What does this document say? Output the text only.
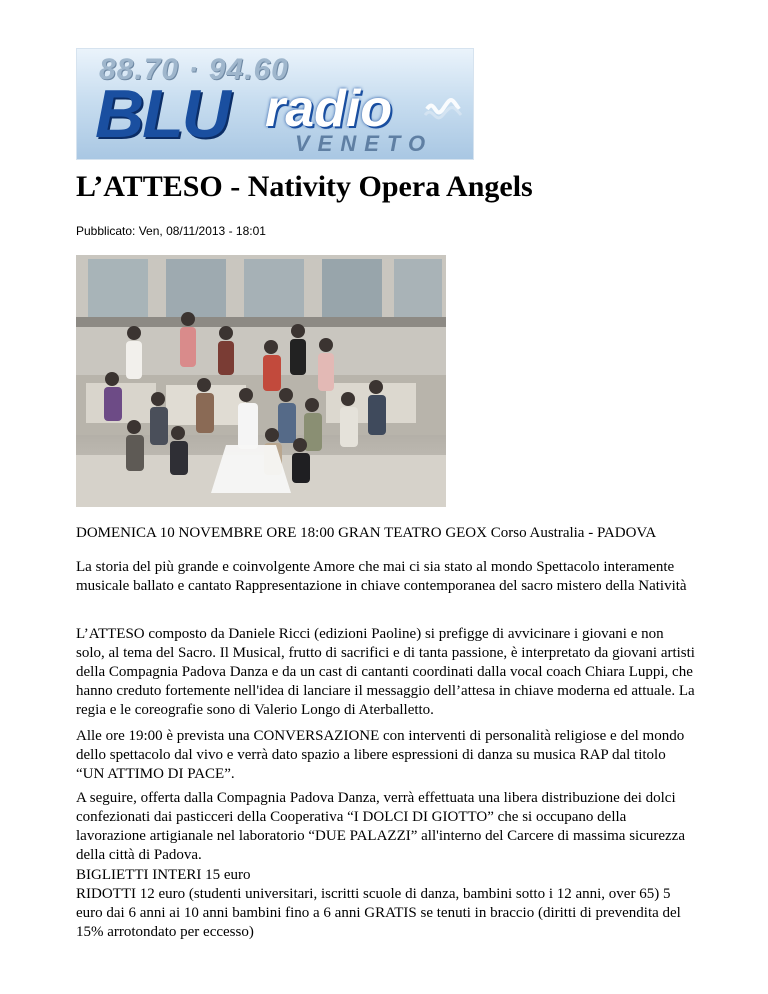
88.70 · 94.60
BLU radio
VENETO
L’ATTESO - Nativity Opera Angels
Pubblicato: Ven, 08/11/2013 - 18:01

DOMENICA 10 NOVEMBRE ORE 18:00 GRAN TEATRO GEOX Corso Australia - PADOVA

La storia del più grande e coinvolgente Amore che mai ci sia stato al mondo Spettacolo interamente musicale ballato e cantato Rappresentazione in chiave contemporanea del sacro mistero della Natività

L’ATTESO composto da Daniele Ricci (edizioni Paoline) si prefigge di avvicinare i giovani e non solo, al tema del Sacro. Il Musical, frutto di sacrifici e di tanta passione, è interpretato da giovani artisti della Compagnia Padova Danza e da un cast di cantanti coordinati dalla vocal coach Chiara Luppi, che hanno creduto fortemente nell'idea di lanciare il messaggio dell’attesa in chiave moderna ed attuale. La regia e le coreografie sono di Valerio Longo di Aterballetto.

Alle ore 19:00 è prevista una CONVERSAZIONE con interventi di personalità religiose e del mondo dello spettacolo dal vivo e verrà dato spazio a libere espressioni di danza su musica RAP dal titolo “UN ATTIMO DI PACE”.

A seguire, offerta dalla Compagnia Padova Danza, verrà effettuata una libera distribuzione dei dolci confezionati dai pasticceri della Cooperativa “I DOLCI DI GIOTTO” che si occupano della lavorazione artigianale nel laboratorio “DUE PALAZZI” all'interno del Carcere di massima sicurezza della città di Padova.

BIGLIETTI INTERI 15 euro

RIDOTTI 12 euro (studenti universitari, iscritti scuole di danza, bambini sotto i 12 anni, over 65) 5 euro dai 6 anni ai 10 anni bambini fino a 6 anni GRATIS se tenuti in braccio (diritti di prevendita del 15% arrotondato per eccesso)
